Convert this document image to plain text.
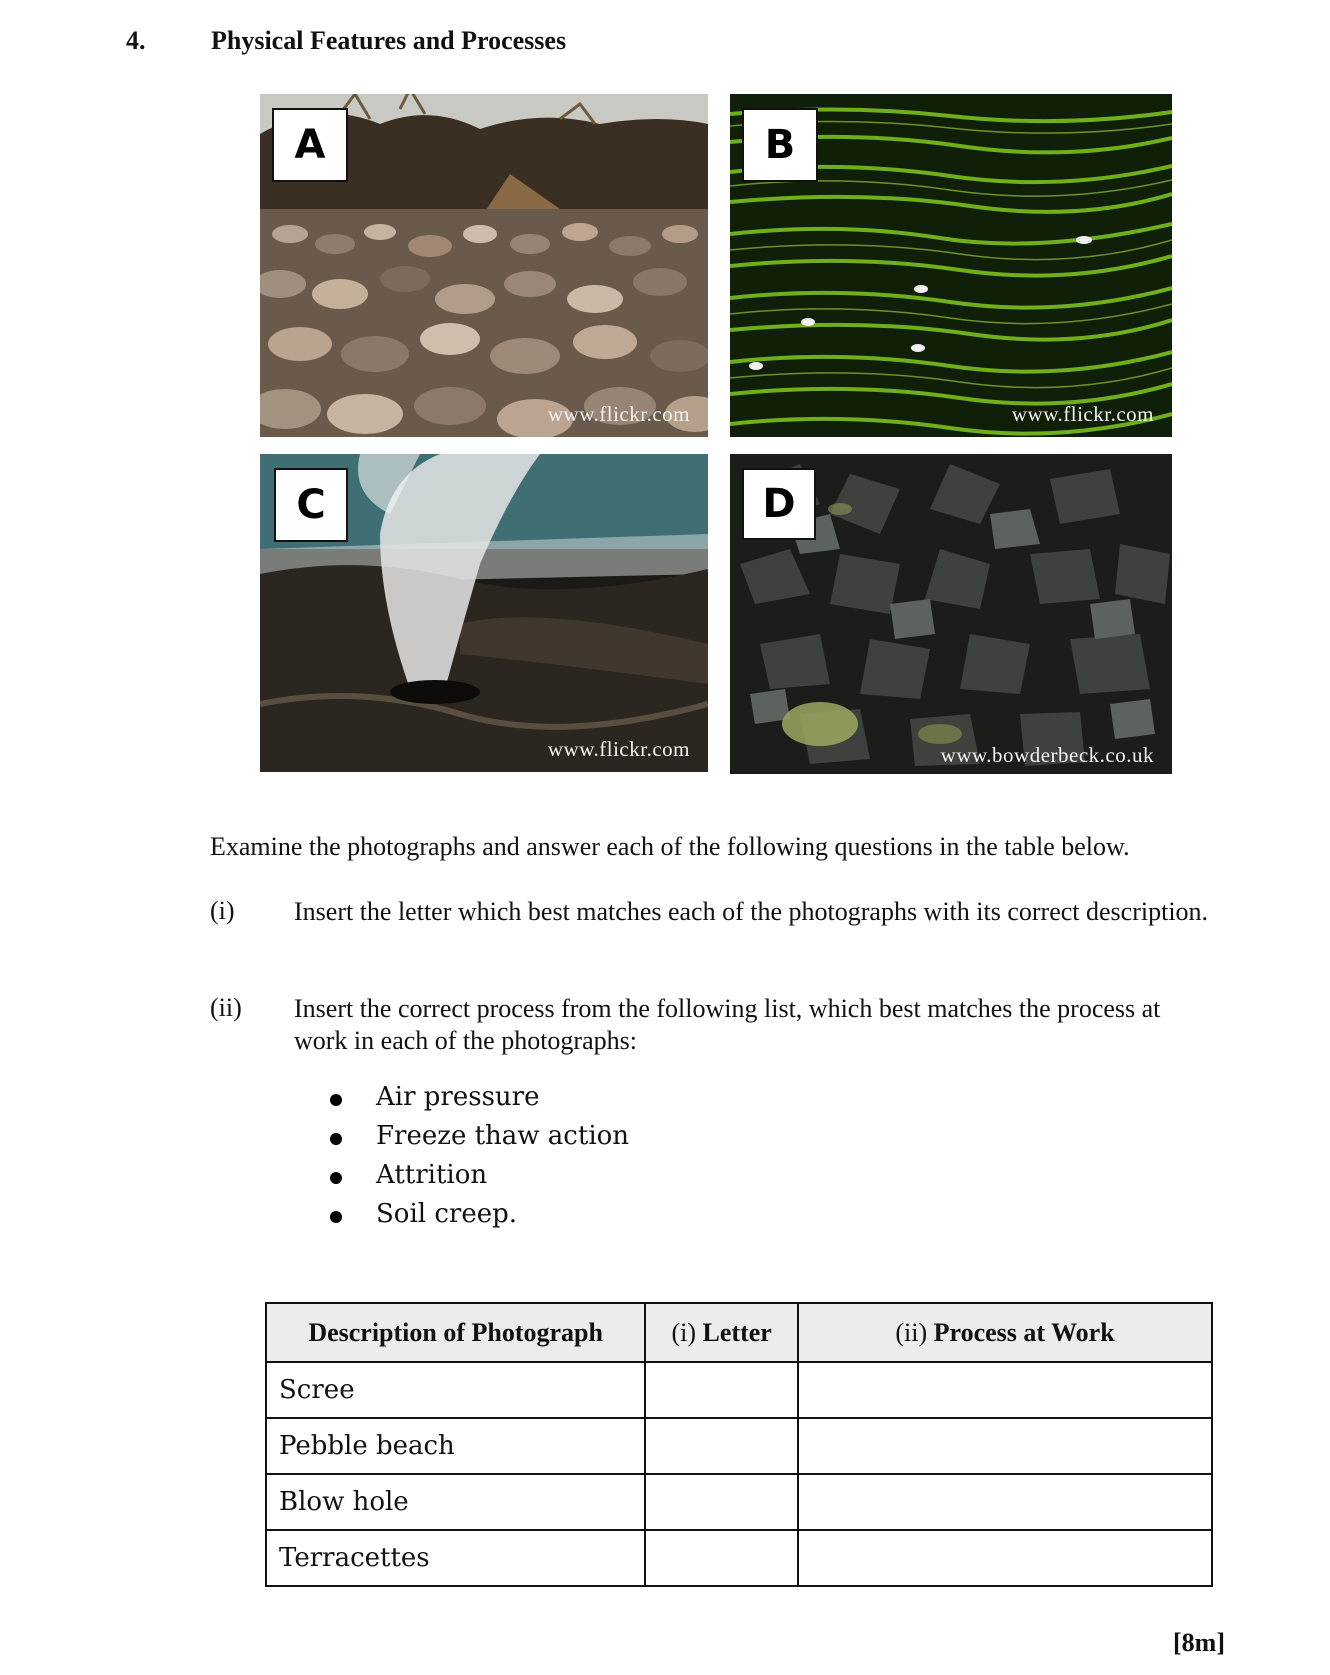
4.	Physical Features and Processes
A
www.flickr.com
B
www.flickr.com
C
www.flickr.com
D
www.bowderbeck.co.uk
Examine the photographs and answer each of the following questions in the table below.
(i) Insert the letter which best matches each of the photographs with its correct description.
(ii) Insert the correct process from the following list, which best matches the process at work in each of the photographs:
Air pressure
Freeze thaw action
Attrition
Soil creep.
Description of Photograph	(i) Letter	(ii) Process at Work
Scree		
Pebble beach		
Blow hole		
Terracettes		
[8m]
